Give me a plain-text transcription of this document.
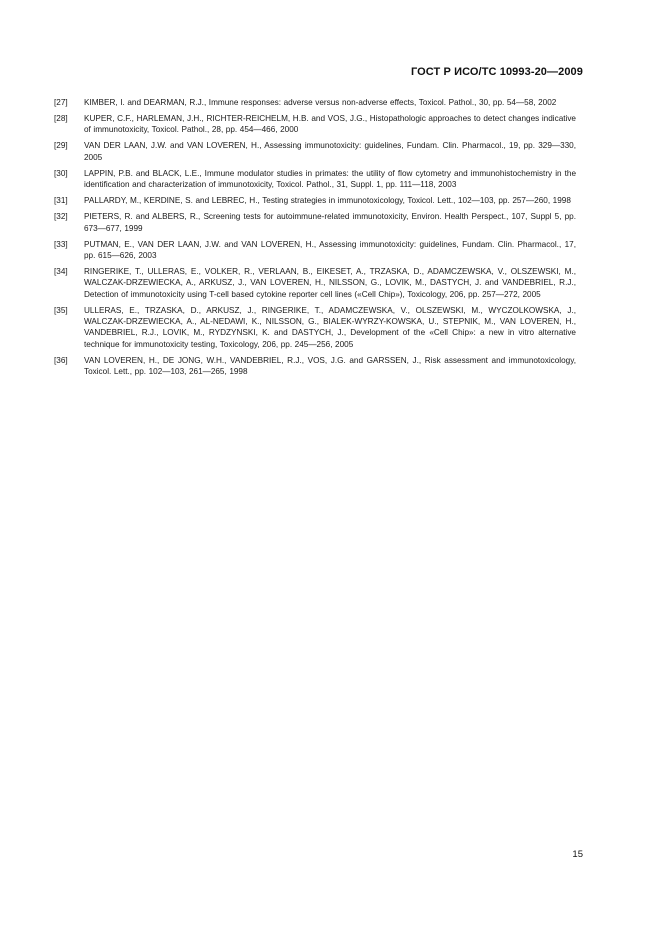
ГОСТ Р ИСО/ТС 10993-20—2009
[27]	KIMBER, I. and DEARMAN, R.J., Immune responses: adverse versus non-adverse effects, Toxicol. Pathol., 30, pp. 54—58, 2002
[28]	KUPER, C.F., HARLEMAN, J.H., RICHTER-REICHELM, H.B. and VOS, J.G., Histopathologic approaches to detect changes indicative of immunotoxicity, Toxicol. Pathol., 28, pp. 454—466, 2000
[29]	VAN DER LAAN, J.W. and VAN LOVEREN, H., Assessing immunotoxicity: guidelines, Fundam. Clin. Pharmacol., 19, pp. 329—330, 2005
[30]	LAPPIN, P.B. and BLACK, L.E., Immune modulator studies in primates: the utility of flow cytometry and immunohistochemistry in the identification and characterization of immunotoxicity, Toxicol. Pathol., 31, Suppl. 1, pp. 111—118, 2003
[31]	PALLARDY, M., KERDINE, S. and LEBREC, H., Testing strategies in immunotoxicology, Toxicol. Lett., 102—103, pp. 257—260, 1998
[32]	PIETERS, R. and ALBERS, R., Screening tests for autoimmune-related immunotoxicity, Environ. Health Perspect., 107, Suppl 5, pp. 673—677, 1999
[33]	PUTMAN, E., VAN DER LAAN, J.W. and VAN LOVEREN, H., Assessing immunotoxicity: guidelines, Fundam. Clin. Pharmacol., 17, pp. 615—626, 2003
[34]	RINGERIKE, T., ULLERAS, E., VOLKER, R., VERLAAN, B., EIKESET, A., TRZASKA, D., ADAMCZEWSKA, V., OLSZEWSKI, M., WALCZAK-DRZEWIECKA, A., ARKUSZ, J., VAN LOVEREN, H., NILSSON, G., LOVIK, M., DASTYCH, J. and VANDEBRIEL, R.J., Detection of immunotoxicity using T-cell based cytokine reporter cell lines («Cell Chip»), Toxicology, 206, pp. 257—272, 2005
[35]	ULLERAS, E., TRZASKA, D., ARKUSZ, J., RINGERIKE, T., ADAMCZEWSKA, V., OLSZEWSKI, M., WYCZOLKOWSKA, J., WALCZAK-DRZEWIECKA, A., AL-NEDAWI, K., NILSSON, G., BIALEK-WYRZY-KOWSKA, U., STEPNIK, M., VAN LOVEREN, H., VANDEBRIEL, R.J., LOVIK, M., RYDZYNSKI, K. and DASTYCH, J., Development of the «Cell Chip»: a new in vitro alternative technique for immunotoxicity testing, Toxicology, 206, pp. 245—256, 2005
[36]	VAN LOVEREN, H., DE JONG, W.H., VANDEBRIEL, R.J., VOS, J.G. and GARSSEN, J., Risk assessment and immunotoxicology, Toxicol. Lett., pp. 102—103, 261—265, 1998
15
